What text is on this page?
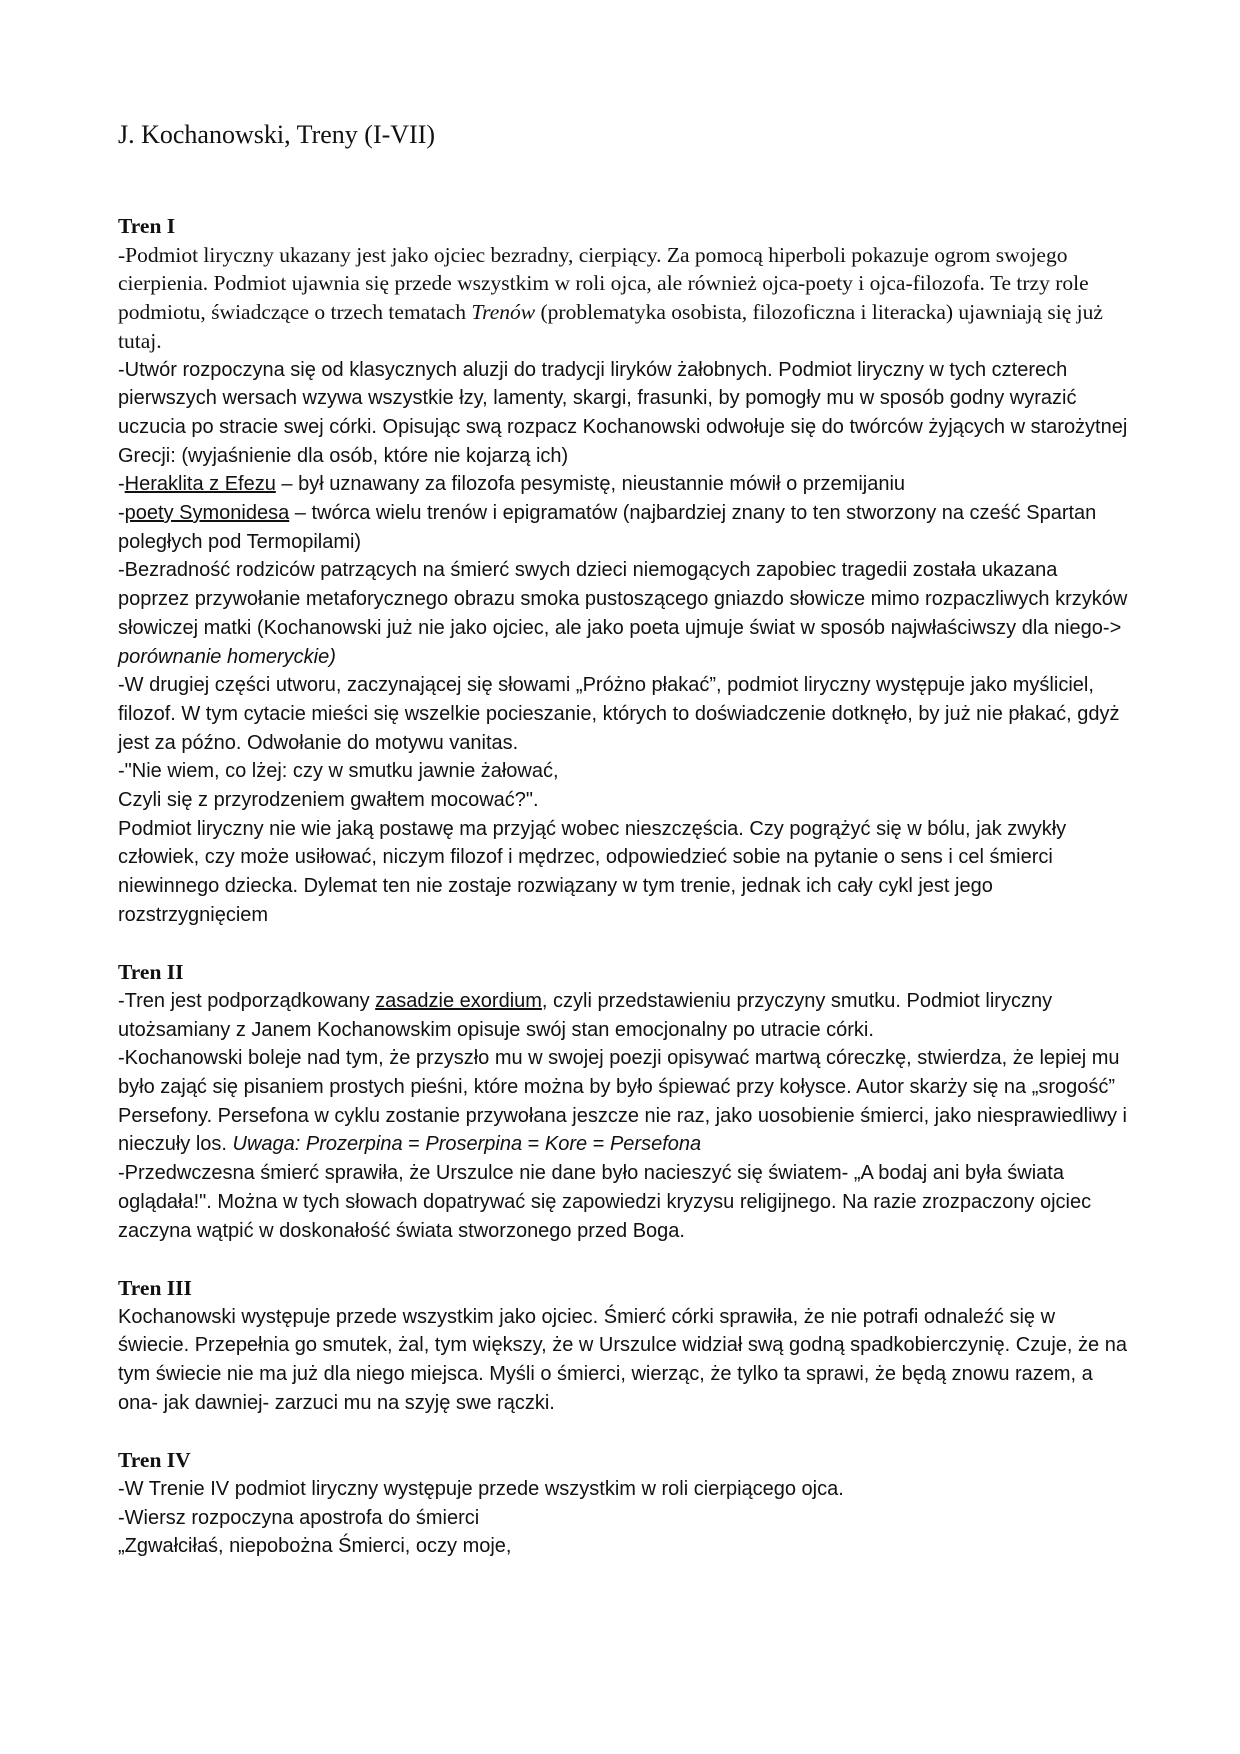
J. Kochanowski, Treny (I-VII)

Tren I

-Podmiot liryczny ukazany jest jako ojciec bezradny, cierpiący. Za pomocą hiperboli pokazuje ogrom swojego cierpienia. Podmiot ujawnia się przede wszystkim w roli ojca, ale również ojca-poety i ojca-filozofa. Te trzy role podmiotu, świadczące o trzech tematach Trenów (problematyka osobista, filozoficzna i literacka) ujawniają się już tutaj.

-Utwór rozpoczyna się od klasycznych aluzji do tradycji liryków żałobnych. Podmiot liryczny w tych czterech pierwszych wersach wzywa wszystkie łzy, lamenty, skargi, frasunki, by pomogły mu w sposób godny wyrazić uczucia po stracie swej córki. Opisując swą rozpacz Kochanowski odwołuje się do twórców żyjących w starożytnej Grecji: (wyjaśnienie dla osób, które nie kojarzą ich)

-Heraklita z Efezu – był uznawany za filozofa pesymistę, nieustannie mówił o przemijaniu

-poety Symonidesa – twórca wielu trenów i epigramatów (najbardziej znany to ten stworzony na cześć Spartan poległych pod Termopilami)

-Bezradność rodziców patrzących na śmierć swych dzieci niemogących zapobiec tragedii została ukazana poprzez przywołanie metaforycznego obrazu smoka pustoszącego gniazdo słowicze mimo rozpaczliwych krzyków słowiczej matki (Kochanowski już nie jako ojciec, ale jako poeta ujmuje świat w sposób najwłaściwszy dla niego-> porównanie homeryckie)

-W drugiej części utworu, zaczynającej się słowami „Próżno płakać”, podmiot liryczny występuje jako myśliciel, filozof. W tym cytacie mieści się wszelkie pocieszanie, których to doświadczenie dotknęło, by już nie płakać, gdyż jest za późno. Odwołanie do motywu vanitas.

-"Nie wiem, co lżej: czy w smutku jawnie żałować,

Czyli się z przyrodzeniem gwałtem mocować?".

Podmiot liryczny nie wie jaką postawę ma przyjąć wobec nieszczęścia. Czy pogrążyć się w bólu, jak zwykły człowiek, czy może usiłować, niczym filozof i mędrzec, odpowiedzieć sobie na pytanie o sens i cel śmierci niewinnego dziecka. Dylemat ten nie zostaje rozwiązany w tym trenie, jednak ich cały cykl jest jego rozstrzygnięciem

Tren II

-Tren jest podporządkowany zasadzie exordium, czyli przedstawieniu przyczyny smutku. Podmiot liryczny utożsamiany z Janem Kochanowskim opisuje swój stan emocjonalny po utracie córki.

-Kochanowski boleje nad tym, że przyszło mu w swojej poezji opisywać martwą córeczkę, stwierdza, że lepiej mu było zająć się pisaniem prostych pieśni, które można by było śpiewać przy kołysce. Autor skarży się na „srogość” Persefony. Persefona w cyklu zostanie przywołana jeszcze nie raz, jako uosobienie śmierci, jako niesprawiedliwy i nieczuły los. Uwaga: Prozerpina = Proserpina = Kore = Persefona

-Przedwczesna śmierć sprawiła, że Urszulce nie dane było nacieszyć się światem- „A bodaj ani była świata oglądała!". Można w tych słowach dopatrywać się zapowiedzi kryzysu religijnego. Na razie zrozpaczony ojciec zaczyna wątpić w doskonałość świata stworzonego przed Boga.

Tren III

Kochanowski występuje przede wszystkim jako ojciec. Śmierć córki sprawiła, że nie potrafi odnaleźć się w świecie. Przepełnia go smutek, żal, tym większy, że w Urszulce widział swą godną spadkobierczynię. Czuje, że na tym świecie nie ma już dla niego miejsca. Myśli o śmierci, wierząc, że tylko ta sprawi, że będą znowu razem, a ona- jak dawniej- zarzuci mu na szyję swe rączki.

Tren IV

-W Trenie IV podmiot liryczny występuje przede wszystkim w roli cierpiącego ojca.

-Wiersz rozpoczyna apostrofa do śmierci

„Zgwałciłaś, niepobożna Śmierci, oczy moje,
